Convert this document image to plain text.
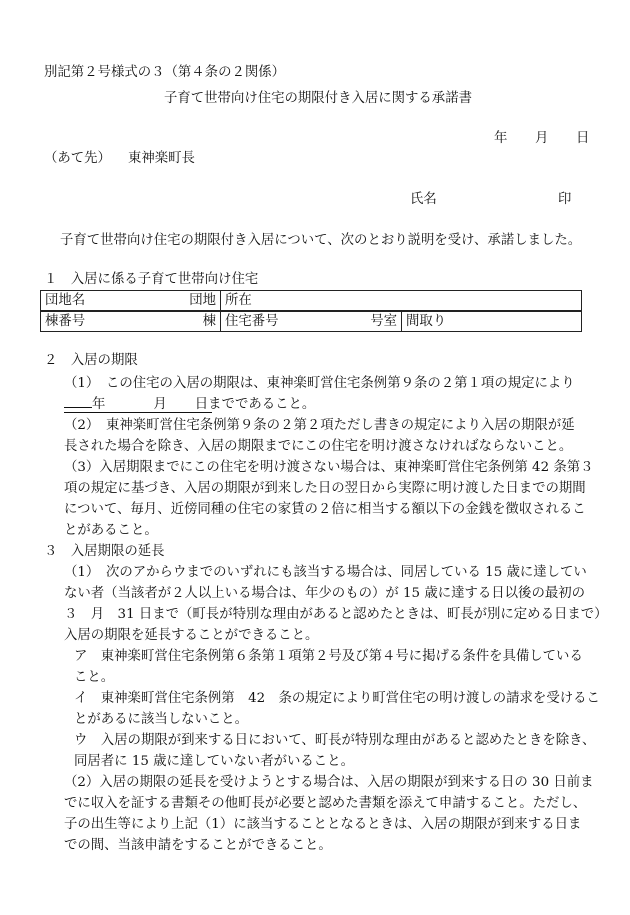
別記第２号様式の３（第４条の２関係）
子育て世帯向け住宅の期限付き入居に関する承諾書
年 月 日
（あて先） 東神楽町長
氏名	印
子育て世帯向け住宅の期限付き入居について、次のとおり説明を受け、承諾しました。
１　入居に係る子育て世帯向け住宅
団地名	団地	所在
棟番号	棟	住宅番号	号室	間取り
２　入居の期限
（1）　この住宅の入居の期限は、東神楽町営住宅条例第９条の２第１項の規定により
年	月 日までであること。
（2）　東神楽町営住宅条例第９条の２第２項ただし書きの規定により入居の期限が延
長された場合を除き、入居の期限までにこの住宅を明け渡さなければならないこと。
（3）入居期限までにこの住宅を明け渡さない場合は、東神楽町営住宅条例第 42 条第３
項の規定に基づき、入居の期限が到来した日の翌日から実際に明け渡した日までの期間
について、毎月、近傍同種の住宅の家賃の２倍に相当する額以下の金銭を徴収されるこ
とがあること。
３　入居期限の延長
（1）　次のアからウまでのいずれにも該当する場合は、同居している 15 歳に達してい
ない者（当該者が２人以上いる場合は、年少のもの）が 15 歳に達する日以後の最初の
３　月　31 日まで（町長が特別な理由があると認めたときは、町長が別に定める日まで）
入居の期限を延長することができること。
ア　東神楽町営住宅条例第６条第１項第２号及び第４号に掲げる条件を具備している
こと。
イ　東神楽町営住宅条例第　42　条の規定により町営住宅の明け渡しの請求を受けるこ
とがあるに該当しないこと。
ウ　入居の期限が到来する日において、町長が特別な理由があると認めたときを除き、
同居者に 15 歳に達していない者がいること。
（2）入居の期限の延長を受けようとする場合は、入居の期限が到来する日の 30 日前ま
でに収入を証する書類その他町長が必要と認めた書類を添えて申請すること。ただし、
子の出生等により上記（1）に該当することとなるときは、入居の期限が到来する日ま
での間、当該申請をすることができること。
